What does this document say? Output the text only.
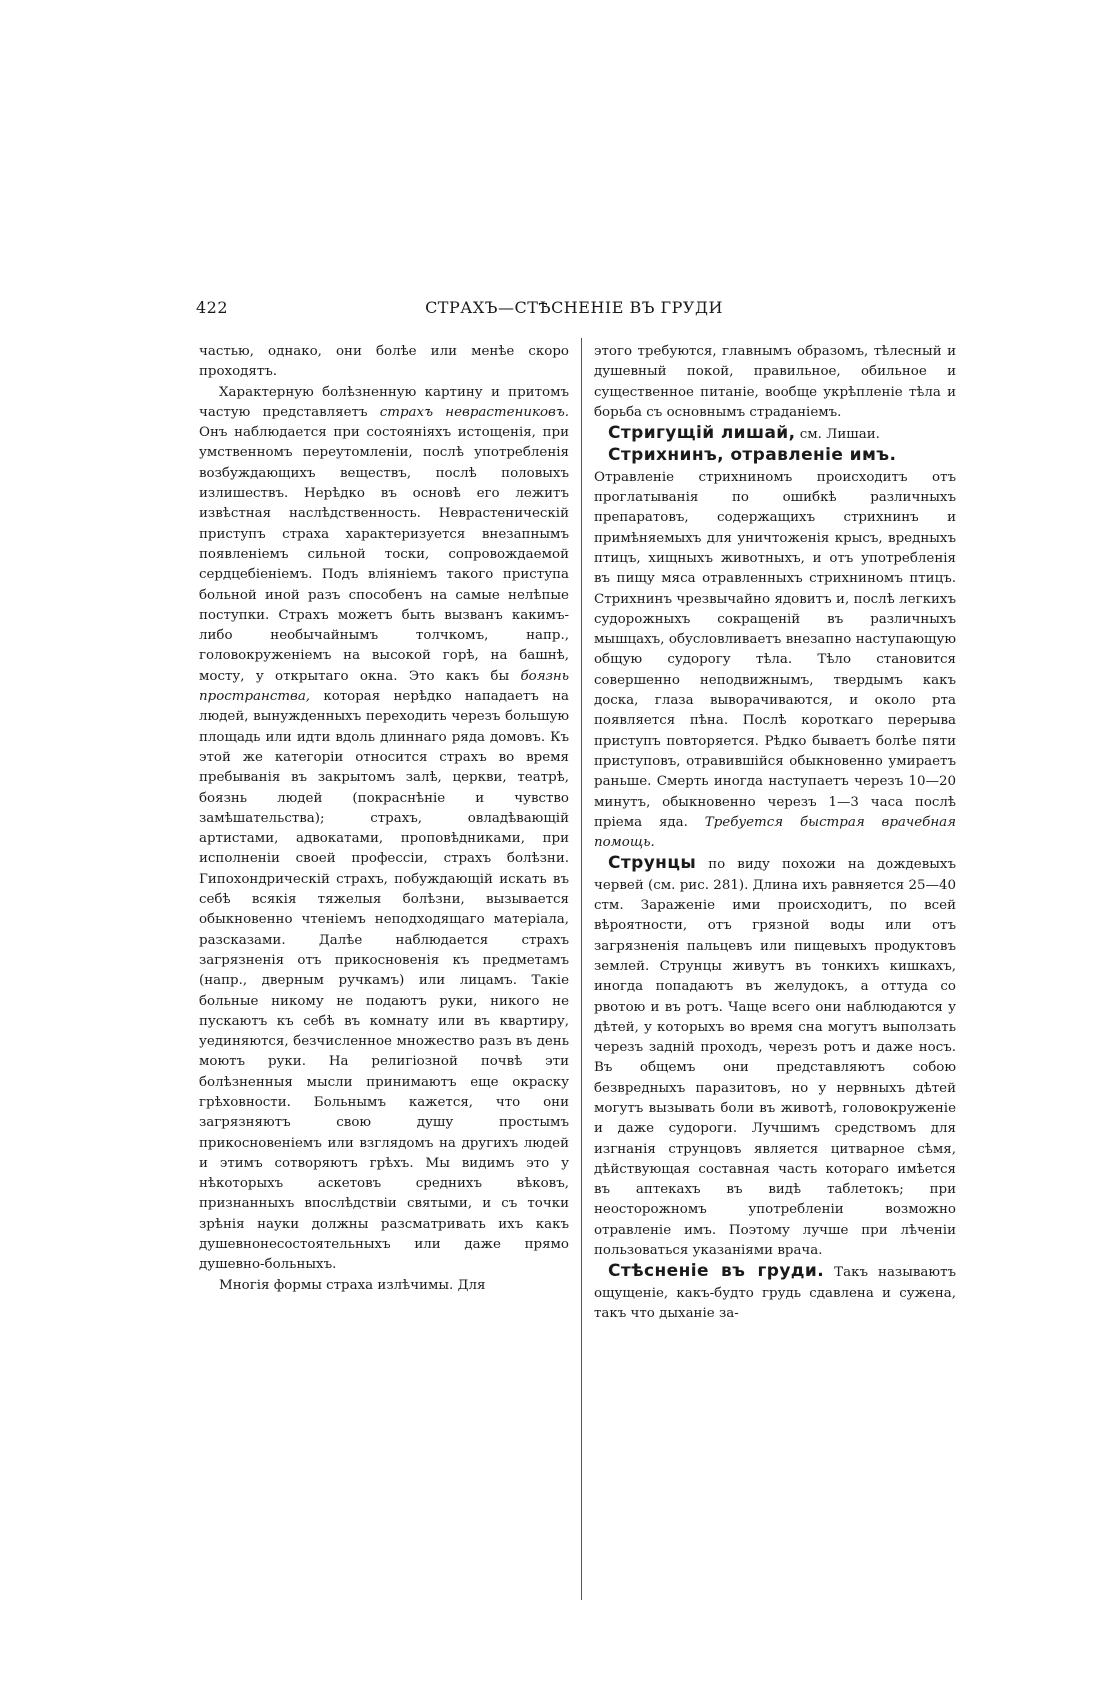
422	СТРАХЪ—СТѢСНЕНІЕ ВЪ ГРУДИ

частью, однако, они болѣе или менѣе скоро проходятъ.

Характерную болѣзненную картину и притомъ частую представляетъ страхъ неврастениковъ. Онъ наблюдается при состояніяхъ истощенія, при умственномъ переутомленіи, послѣ употребленія возбуждающихъ веществъ, послѣ половыхъ излишествъ. Нерѣдко въ основѣ его лежитъ извѣстная наслѣдственность. Неврастеническій приступъ страха характеризуется внезапнымъ появленіемъ сильной тоски, сопровождаемой сердцебіеніемъ. Подъ вліяніемъ такого приступа больной иной разъ способенъ на самые нелѣпые поступки. Страхъ можетъ быть вызванъ какимъ-либо необычайнымъ толчкомъ, напр., головокруженіемъ на высокой горѣ, на башнѣ, мосту, у открытаго окна. Это какъ бы боязнь пространства, которая нерѣдко нападаетъ на людей, вынужденныхъ переходить черезъ большую площадь или идти вдоль длиннаго ряда домовъ. Къ этой же категоріи относится страхъ во время пребыванія въ закрытомъ залѣ, церкви, театрѣ, боязнь людей (покраснѣніе и чувство замѣшательства); страхъ, овладѣвающій артистами, адвокатами, проповѣдниками, при исполненіи своей профессіи, страхъ болѣзни. Гипохондрическій страхъ, побуждающій искать въ себѣ всякія тяжелыя болѣзни, вызывается обыкновенно чтеніемъ неподходящаго матеріала, разсказами. Далѣе наблюдается страхъ загрязненія отъ прикосновенія къ предметамъ (напр., дверным ручкамъ) или лицамъ. Такіе больные никому не подаютъ руки, никого не пускаютъ къ себѣ въ комнату или въ квартиру, уединяются, безчисленное множество разъ въ день моютъ руки. На религіозной почвѣ эти болѣзненныя мысли принимаютъ еще окраску грѣховности. Больнымъ кажется, что они загрязняютъ свою душу простымъ прикосновеніемъ или взглядомъ на другихъ людей и этимъ сотворяютъ грѣхъ. Мы видимъ это у нѣкоторыхъ аскетовъ среднихъ вѣковъ, признанныхъ впослѣдствіи святыми, и съ точки зрѣнія науки должны разсматривать ихъ какъ душевнонесостоятельныхъ или даже прямо душевно-больныхъ.

Многія формы страха излѣчимы. Для

этого требуются, главнымъ образомъ, тѣлесный и душевный покой, правильное, обильное и существенное питаніе, вообще укрѣпленіе тѣла и борьба съ основнымъ страданіемъ.

Стригущій лишай, см. Лишаи.

Стрихнинъ, отравленіе имъ.

Отравленіе стрихниномъ происходитъ отъ проглатыванія по ошибкѣ различныхъ препаратовъ, содержащихъ стрихнинъ и примѣняемыхъ для уничтоженія крысъ, вредныхъ птицъ, хищныхъ животныхъ, и отъ употребленія въ пищу мяса отравленныхъ стрихниномъ птицъ. Стрихнинъ чрезвычайно ядовитъ и, послѣ легкихъ судорожныхъ сокращеній въ различныхъ мышцахъ, обусловливаетъ внезапно наступающую общую судорогу тѣла. Тѣло становится совершенно неподвижнымъ, твердымъ какъ доска, глаза выворачиваются, и около рта появляется пѣна. Послѣ короткаго перерыва приступъ повторяется. Рѣдко бываетъ болѣе пяти приступовъ, отравившійся обыкновенно умираетъ раньше. Смерть иногда наступаетъ черезъ 10—20 минутъ, обыкновенно черезъ 1—3 часа послѣ пріема яда. Требуется быстрая врачебная помощь.

Струнцы по виду похожи на дождевыхъ червей (см. рис. 281). Длина ихъ равняется 25—40 стм. Зараженіе ими происходитъ, по всей вѣроятности, отъ грязной воды или отъ загрязненія пальцевъ или пищевыхъ продуктовъ землей. Струнцы живутъ въ тонкихъ кишкахъ, иногда попадаютъ въ желудокъ, а оттуда со рвотою и въ ротъ. Чаще всего они наблюдаются у дѣтей, у которыхъ во время сна могутъ выползать черезъ задній проходъ, черезъ ротъ и даже носъ. Въ общемъ они представляютъ собою безвредныхъ паразитовъ, но у нервныхъ дѣтей могутъ вызывать боли въ животѣ, головокруженіе и даже судороги. Лучшимъ средствомъ для изгнанія струнцовъ является цитварное сѣмя, дѣйствующая составная часть котораго имѣется въ аптекахъ въ видѣ таблетокъ; при неосторожномъ употребленіи возможно отравленіе имъ. Поэтому лучше при лѣченіи пользоваться указаніями врача.

Стѣсненіе въ груди. Такъ называютъ ощущеніе, какъ-будто грудь сдавлена и сужена, такъ что дыханіе за-
